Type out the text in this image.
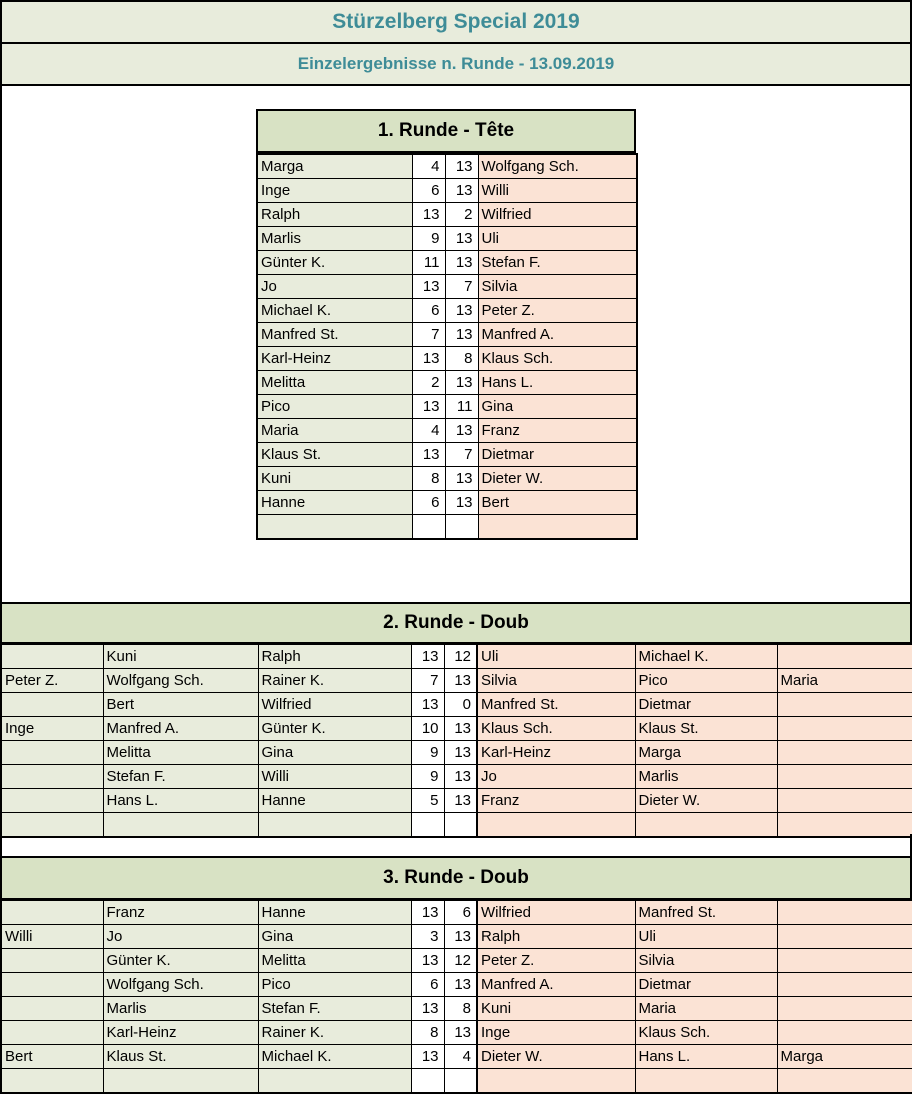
Stürzelberg Special 2019
Einzelergebnisse n. Runde - 13.09.2019
1. Runde - Tête
Marga	4	13	Wolfgang Sch.
Inge	6	13	Willi
Ralph	13	2	Wilfried
Marlis	9	13	Uli
Günter K.	11	13	Stefan F.
Jo	13	7	Silvia
Michael K.	6	13	Peter Z.
Manfred St.	7	13	Manfred A.
Karl-Heinz	13	8	Klaus Sch.
Melitta	2	13	Hans L.
Pico	13	11	Gina
Maria	4	13	Franz
Klaus St.	13	7	Dietmar
Kuni	8	13	Dieter W.
Hanne	6	13	Bert

2. Runde - Doub
	Kuni	Ralph	13	12	Uli	Michael K.	
Peter Z.	Wolfgang Sch.	Rainer K.	7	13	Silvia	Pico	Maria
	Bert	Wilfried	13	0	Manfred St.	Dietmar	
Inge	Manfred A.	Günter K.	10	13	Klaus Sch.	Klaus St.	
	Melitta	Gina	9	13	Karl-Heinz	Marga	
	Stefan F.	Willi	9	13	Jo	Marlis	
	Hans L.	Hanne	5	13	Franz	Dieter W.	

3. Runde - Doub
	Franz	Hanne	13	6	Wilfried	Manfred St.	
Willi	Jo	Gina	3	13	Ralph	Uli	
	Günter K.	Melitta	13	12	Peter Z.	Silvia	
	Wolfgang Sch.	Pico	6	13	Manfred A.	Dietmar	
	Marlis	Stefan F.	13	8	Kuni	Maria	
	Karl-Heinz	Rainer K.	8	13	Inge	Klaus Sch.	
Bert	Klaus St.	Michael K.	13	4	Dieter W.	Hans L.	Marga
